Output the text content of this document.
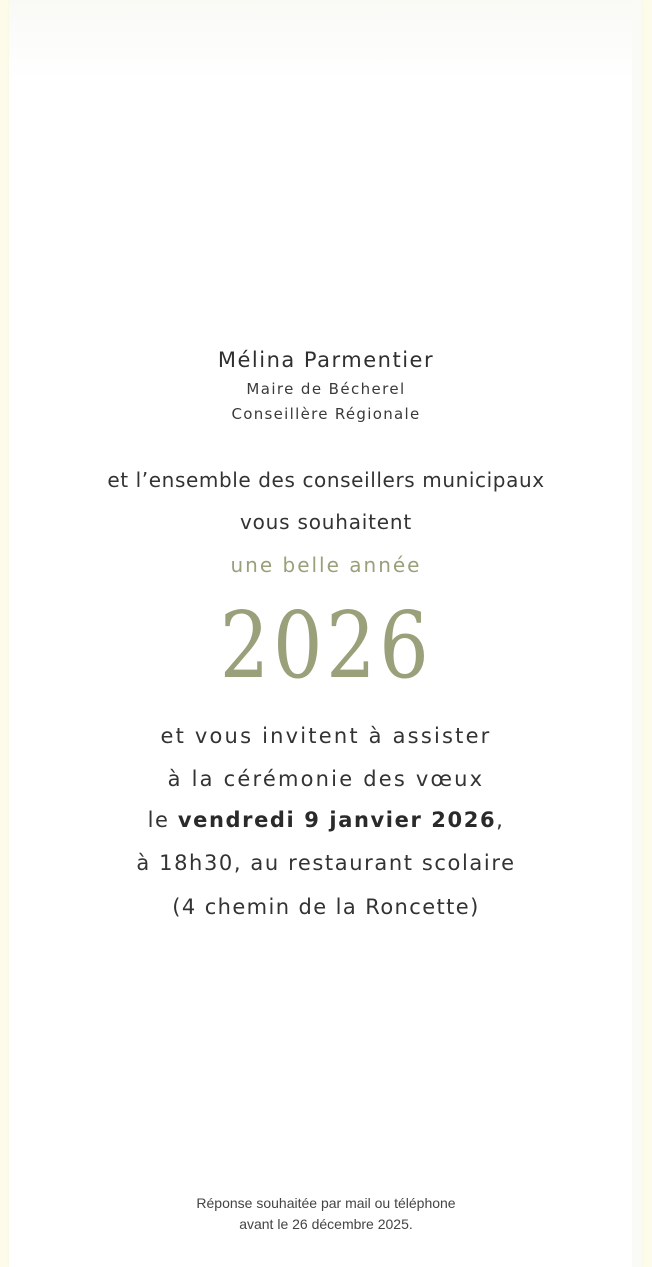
Mélina Parmentier

Maire de Bécherel

Conseillère Régionale

et l’ensemble des conseillers municipaux

vous souhaitent

une belle année

2026

et vous invitent à assister

à la cérémonie des vœux

le vendredi 9 janvier 2026,

à 18h30, au restaurant scolaire

(4 chemin de la Roncette)

Réponse souhaitée par mail ou téléphone

avant le 26 décembre 2025.
